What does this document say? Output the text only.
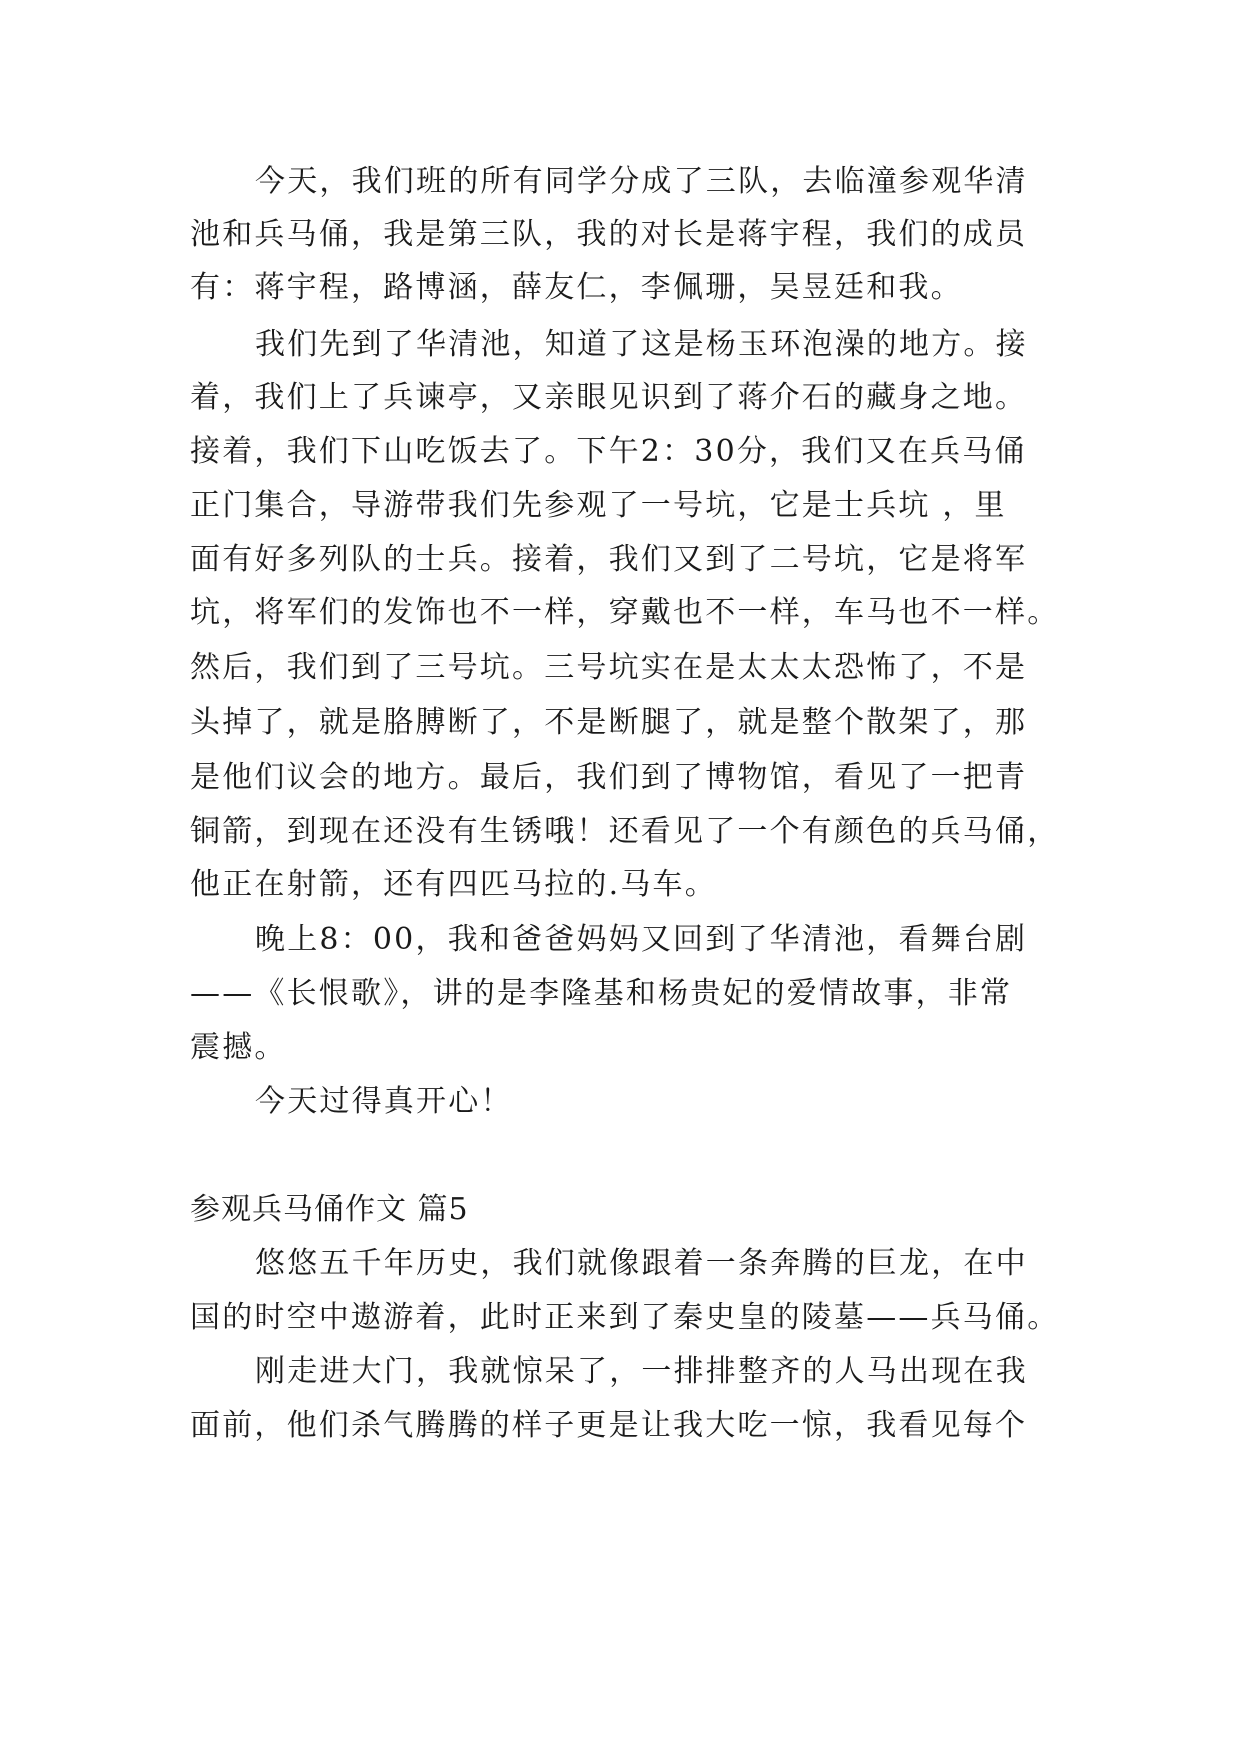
今天，我们班的所有同学分成了三队，去临潼参观华清
池和兵马俑，我是第三队，我的对长是蒋宇程，我们的成员
有：蒋宇程，路博涵，薛友仁，李佩珊，吴昱廷和我。
我们先到了华清池，知道了这是杨玉环泡澡的地方。接
着，我们上了兵谏亭，又亲眼见识到了蒋介石的藏身之地。
接着，我们下山吃饭去了。下午2：30分，我们又在兵马俑
正门集合，导游带我们先参观了一号坑，它是士兵坑 ，里
面有好多列队的士兵。接着，我们又到了二号坑，它是将军
坑，将军们的发饰也不一样，穿戴也不一样，车马也不一样。
然后，我们到了三号坑。三号坑实在是太太太恐怖了，不是
头掉了，就是胳膊断了，不是断腿了，就是整个散架了，那
是他们议会的地方。最后，我们到了博物馆，看见了一把青
铜箭，到现在还没有生锈哦！还看见了一个有颜色的兵马俑，
他正在射箭，还有四匹马拉的.马车。
晚上8：00，我和爸爸妈妈又回到了华清池，看舞台剧
——《长恨歌》，讲的是李隆基和杨贵妃的爱情故事，非常
震撼。
今天过得真开心！
参观兵马俑作文 篇5
悠悠五千年历史，我们就像跟着一条奔腾的巨龙，在中
国的时空中遨游着，此时正来到了秦史皇的陵墓——兵马俑。
刚走进大门，我就惊呆了，一排排整齐的人马出现在我
面前，他们杀气腾腾的样子更是让我大吃一惊，我看见每个
